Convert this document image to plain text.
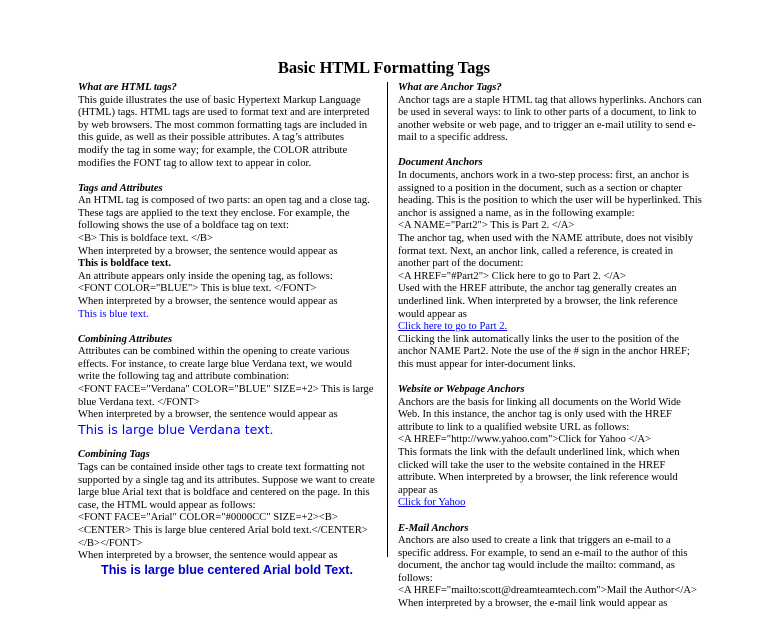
Basic HTML Formatting Tags
What are HTML tags?
This guide illustrates the use of basic Hypertext Markup Language (HTML) tags. HTML tags are used to format text and are interpreted by web browsers. The most common formatting tags are included in this guide, as well as their possible attributes. A tag’s attributes modify the tag in some way; for example, the COLOR attribute modifies the FONT tag to allow text to appear in color.
Tags and Attributes
An HTML tag is composed of two parts: an open tag and a close tag. These tags are applied to the text they enclose. For example, the following shows the use of a boldface tag on text:
<B> This is boldface text. </B>
When interpreted by a browser, the sentence would appear as
This is boldface text.
An attribute appears only inside the opening tag, as follows:
<FONT COLOR="BLUE"> This is blue text. </FONT>
When interpreted by a browser, the sentence would appear as
This is blue text.
Combining Attributes
Attributes can be combined within the opening to create various effects. For instance, to create large blue Verdana text, we would write the following tag and attribute combination:
<FONT FACE="Verdana" COLOR="BLUE" SIZE=+2> This is large blue Verdana text. </FONT>
When interpreted by a browser, the sentence would appear as
This is large blue Verdana text.
Combining Tags
Tags can be contained inside other tags to create text formatting not supported by a single tag and its attributes. Suppose we want to create large blue Arial text that is boldface and centered on the page. In this case, the HTML would appear as follows:
<FONT FACE="Arial" COLOR="#0000CC" SIZE=+2><B><CENTER> This is large blue centered Arial bold text.</CENTER></B></FONT>
When interpreted by a browser, the sentence would appear as
This is large blue centered Arial bold Text.
What are Anchor Tags?
Anchor tags are a staple HTML tag that allows hyperlinks. Anchors can be used in several ways: to link to other parts of a document, to link to another website or web page, and to trigger an e-mail utility to send e-mail to a specific address.
Document Anchors
In documents, anchors work in a two-step process: first, an anchor is assigned to a position in the document, such as a section or chapter heading. This is the position to which the user will be hyperlinked. This anchor is assigned a name, as in the following example:
<A NAME="Part2"> This is Part 2. </A>
The anchor tag, when used with the NAME attribute, does not visibly format text. Next, an anchor link, called a reference, is created in another part of the document:
<A HREF="#Part2"> Click here to go to Part 2. </A>
Used with the HREF attribute, the anchor tag generally creates an underlined link. When interpreted by a browser, the link reference would appear as
Click here to go to Part 2.
Clicking the link automatically links the user to the position of the anchor NAME Part2. Note the use of the # sign in the anchor HREF; this must appear for inter-document links.
Website or Webpage Anchors
Anchors are the basis for linking all documents on the World Wide Web. In this instance, the anchor tag is only used with the HREF attribute to link to a qualified website URL as follows:
<A HREF="http://www.yahoo.com">Click for Yahoo </A>
This formats the link with the default underlined link, which when clicked will take the user to the website contained in the HREF attribute. When interpreted by a browser, the link reference would appear as
Click for Yahoo
E-Mail Anchors
Anchors are also used to create a link that triggers an e-mail to a specific address. For example, to send an e-mail to the author of this document, the anchor tag would include the mailto: command, as follows:
<A HREF="mailto:scott@dreamteamtech.com">Mail the Author</A>
When interpreted by a browser, the e-mail link would appear as
